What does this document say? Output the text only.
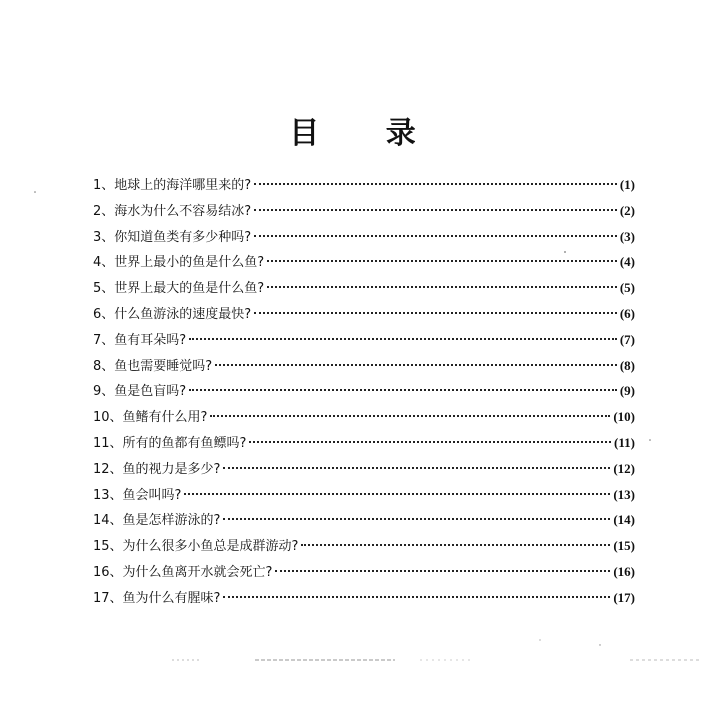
目 录
1、地球上的海洋哪里来的?	(1)
2、海水为什么不容易结冰?	(2)
3、你知道鱼类有多少种吗?	(3)
4、世界上最小的鱼是什么鱼?	(4)
5、世界上最大的鱼是什么鱼?	(5)
6、什么鱼游泳的速度最快?	(6)
7、鱼有耳朵吗?	(7)
8、鱼也需要睡觉吗?	(8)
9、鱼是色盲吗?	(9)
10、鱼鳍有什么用?	(10)
11、所有的鱼都有鱼鳔吗?	(11)
12、鱼的视力是多少?	(12)
13、鱼会叫吗?	(13)
14、鱼是怎样游泳的?	(14)
15、为什么很多小鱼总是成群游动?	(15)
16、为什么鱼离开水就会死亡?	(16)
17、鱼为什么有腥味?	(17)
